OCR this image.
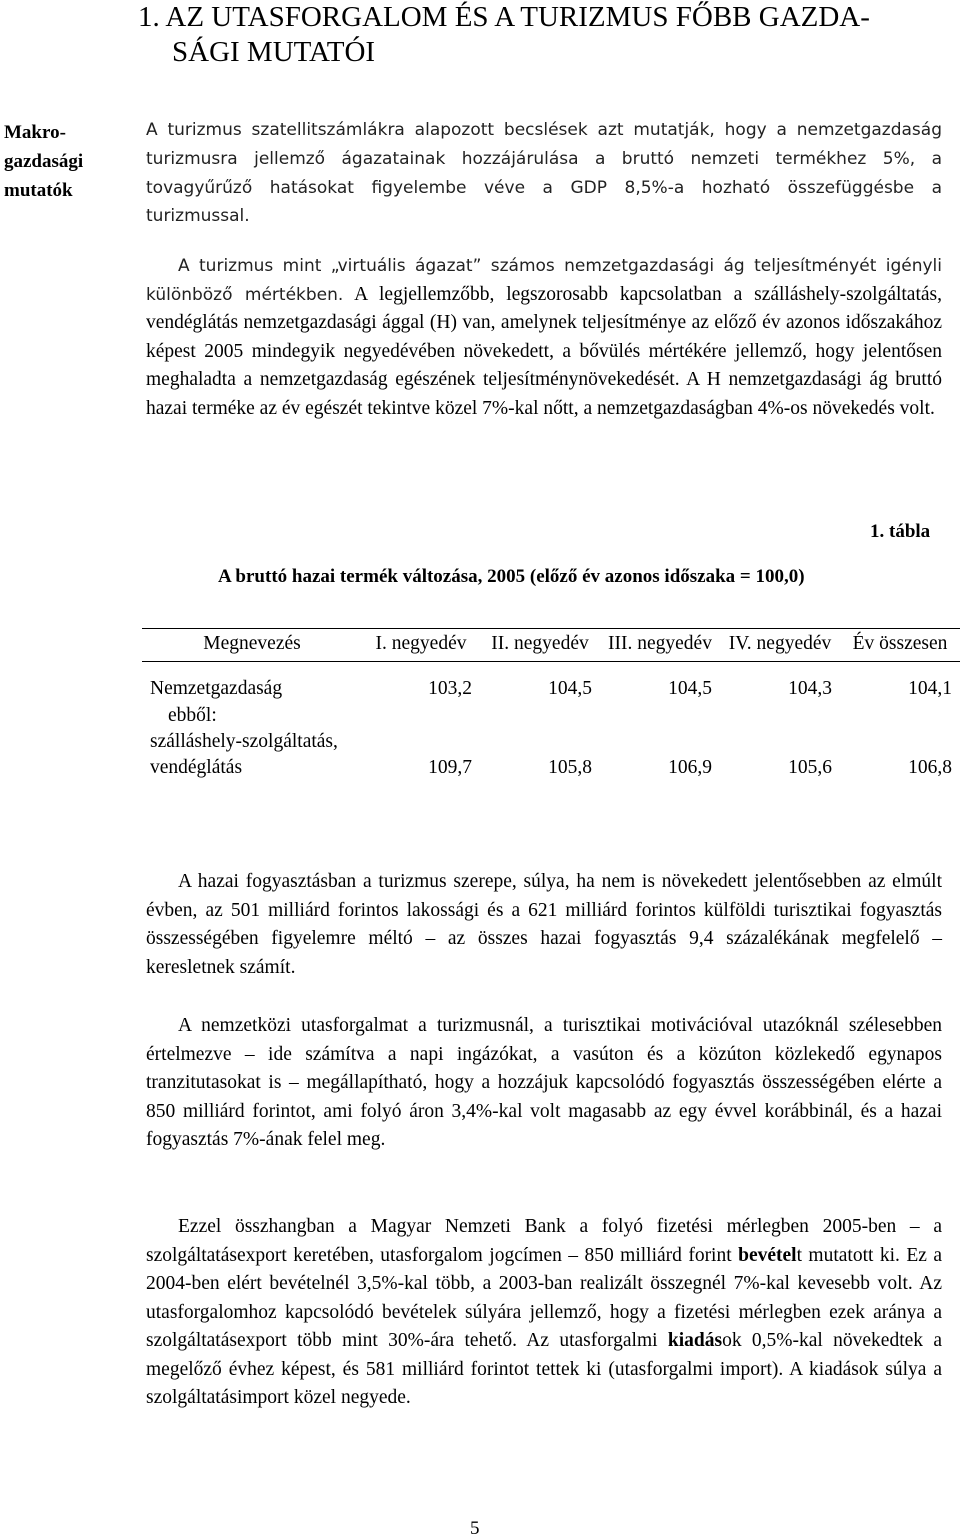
1. AZ UTASFORGALOM ÉS A TURIZMUS FŐBB GAZDA-
SÁGI MUTATÓI
Makro-
gazdasági
mutatók

A turizmus szatellitszámlákra alapozott becslések azt mutatják, hogy a nemzetgazdaság turizmusra jellemző ágazatainak hozzájárulása a bruttó nemzeti termékhez 5%, a tovagyűrűző hatásokat figyelembe véve a GDP 8,5%-a hozható összefüggésbe a turizmussal.

A turizmus mint „virtuális ágazat” számos nemzetgazdasági ág teljesítményét igényli különböző mértékben. A legjellemzőbb, legszorosabb kapcsolatban a szálláshely-szolgáltatás, vendéglátás nemzetgazdasági ággal (H) van, amelynek teljesítménye az előző év azonos időszakához képest 2005 mindegyik negyedévében növekedett, a bővülés mértékére jellemző, hogy jelentősen meghaladta a nemzetgazdaság egészének teljesítménynövekedését. A H nemzetgazdasági ág bruttó hazai terméke az év egészét tekintve közel 7%-kal nőtt, a nemzetgazdaságban 4%-os növekedés volt.

1. tábla
A bruttó hazai termék változása, 2005 (előző év azonos időszaka = 100,0)
Megnevezés	I. negyedév	II. negyedév	III. negyedév	IV. negyedév	Év összesen
Nemzetgazdaság	103,2	104,5	104,5	104,3	104,1
ebből:					
szálláshely-szolgáltatás, vendéglátás	109,7	105,8	106,9	105,6	106,8

A hazai fogyasztásban a turizmus szerepe, súlya, ha nem is növekedett jelentősebben az elmúlt évben, az 501 milliárd forintos lakossági és a 621 milliárd forintos külföldi turisztikai fogyasztás összességében figyelemre méltó – az összes hazai fogyasztás 9,4 százalékának megfelelő – keresletnek számít.

A nemzetközi utasforgalmat a turizmusnál, a turisztikai motivációval utazóknál szélesebben értelmezve – ide számítva a napi ingázókat, a vasúton és a közúton közlekedő egynapos tranzitutasokat is – megállapítható, hogy a hozzájuk kapcsolódó fogyasztás összességében elérte a 850 milliárd forintot, ami folyó áron 3,4%-kal volt magasabb az egy évvel korábbinál, és a hazai fogyasztás 7%-ának felel meg.

Ezzel összhangban a Magyar Nemzeti Bank a folyó fizetési mérlegben 2005-ben – a szolgáltatásexport keretében, utasforgalom jogcímen – 850 milliárd forint bevételt mutatott ki. Ez a 2004-ben elért bevételnél 3,5%-kal több, a 2003-ban realizált összegnél 7%-kal kevesebb volt. Az utasforgalomhoz kapcsolódó bevételek súlyára jellemző, hogy a fizetési mérlegben ezek aránya a szolgáltatásexport több mint 30%-ára tehető. Az utasforgalmi kiadások 0,5%-kal növekedtek a megelőző évhez képest, és 581 milliárd forintot tettek ki (utasforgalmi import). A kiadások súlya a szolgáltatásimport közel negyede.

5
